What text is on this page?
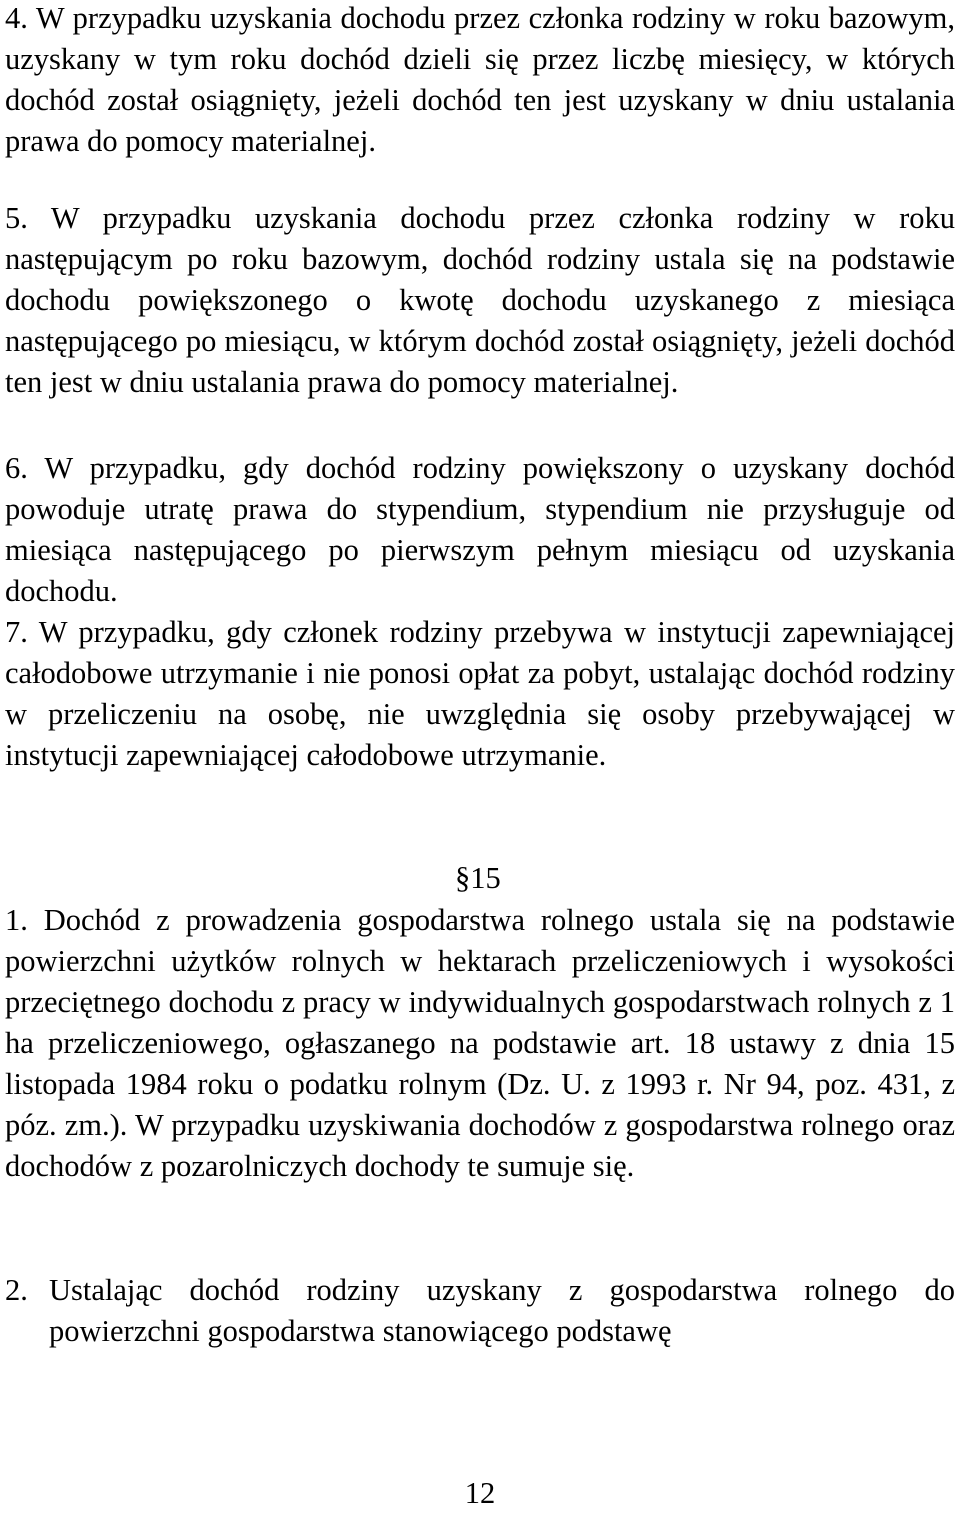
4. W przypadku uzyskania dochodu przez członka rodziny w roku bazowym, uzyskany w tym roku dochód dzieli się przez liczbę miesięcy, w których dochód został osiągnięty, jeżeli dochód ten jest uzyskany w dniu ustalania prawa do pomocy materialnej.

5. W przypadku uzyskania dochodu przez członka rodziny w roku następującym po roku bazowym, dochód rodziny ustala się na podstawie dochodu powiększonego o kwotę dochodu uzyskanego z miesiąca następującego po miesiącu, w którym dochód został osiągnięty, jeżeli dochód ten jest w dniu ustalania prawa do pomocy materialnej.

6. W przypadku, gdy dochód rodziny powiększony o uzyskany dochód powoduje utratę prawa do stypendium, stypendium nie przysługuje od miesiąca następującego po pierwszym pełnym miesiącu od uzyskania dochodu.

7. W przypadku, gdy członek rodziny przebywa w instytucji zapewniającej całodobowe utrzymanie i nie ponosi opłat za pobyt, ustalając dochód rodziny w przeliczeniu na osobę, nie uwzględnia się osoby przebywającej w instytucji zapewniającej całodobowe utrzymanie.

§15

1. Dochód z prowadzenia gospodarstwa rolnego ustala się na podstawie powierzchni użytków rolnych w hektarach przeliczeniowych i wysokości przeciętnego dochodu z pracy w indywidualnych gospodarstwach rolnych z 1 ha przeliczeniowego, ogłaszanego na podstawie art. 18 ustawy z dnia 15 listopada 1984 roku o podatku rolnym (Dz. U. z 1993 r. Nr 94, poz. 431, z póz. zm.). W przypadku uzyskiwania dochodów z gospodarstwa rolnego oraz dochodów z pozarolniczych dochody te sumuje się.

2. Ustalając dochód rodziny uzyskany z gospodarstwa rolnego do powierzchni gospodarstwa stanowiącego podstawę

12
